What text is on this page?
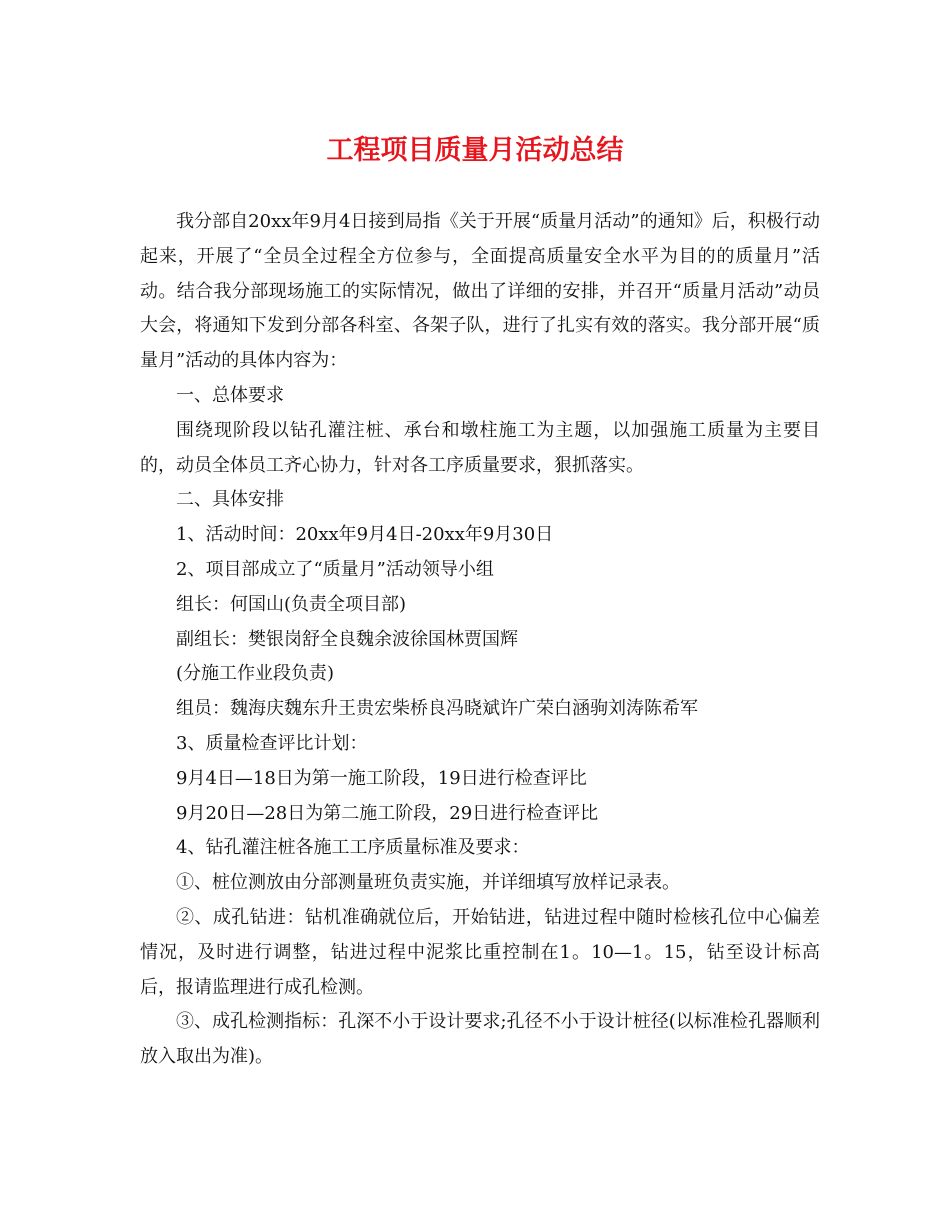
工程项目质量月活动总结

我分部自20xx年9月4日接到局指《关于开展“质量月活动”的通知》后，积极行动起来，开展了“全员全过程全方位参与，全面提高质量安全水平为目的的质量月”活动。结合我分部现场施工的实际情况，做出了详细的安排，并召开“质量月活动”动员大会，将通知下发到分部各科室、各架子队，进行了扎实有效的落实。我分部开展“质量月”活动的具体内容为：

一、总体要求

围绕现阶段以钻孔灌注桩、承台和墩柱施工为主题，以加强施工质量为主要目的，动员全体员工齐心协力，针对各工序质量要求，狠抓落实。

二、具体安排

1、活动时间：20xx年9月4日-20xx年9月30日

2、项目部成立了“质量月”活动领导小组

组长：何国山(负责全项目部)

副组长：樊银岗舒全良魏余波徐国林贾国辉

(分施工作业段负责)

组员：魏海庆魏东升王贵宏柴桥良冯晓斌许广荣白涵驹刘涛陈希军

3、质量检查评比计划：

9月4日—18日为第一施工阶段，19日进行检查评比

9月20日—28日为第二施工阶段，29日进行检查评比

4、钻孔灌注桩各施工工序质量标准及要求：

①、桩位测放由分部测量班负责实施，并详细填写放样记录表。

②、成孔钻进：钻机准确就位后，开始钻进，钻进过程中随时检核孔位中心偏差情况，及时进行调整，钻进过程中泥浆比重控制在1。10—1。15，钻至设计标高后，报请监理进行成孔检测。

③、成孔检测指标：孔深不小于设计要求;孔径不小于设计桩径(以标准检孔器顺利放入取出为准)。
